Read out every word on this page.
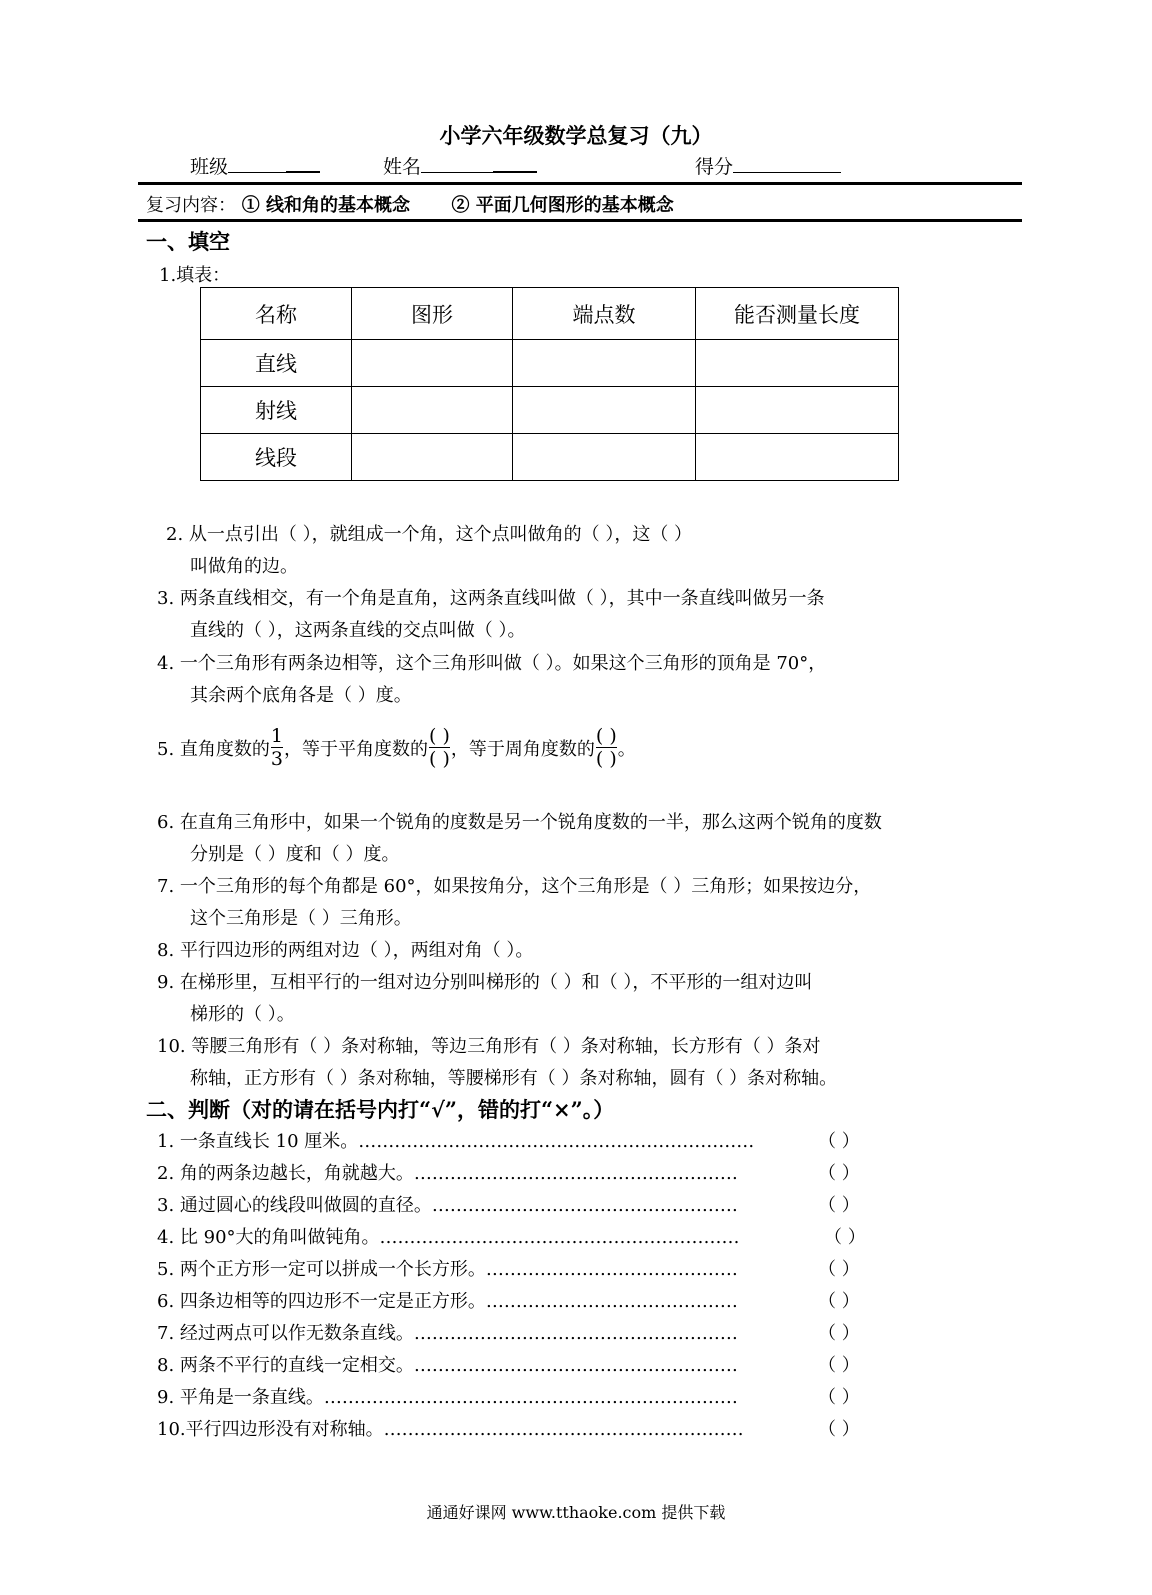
小学六年级数学总复习（九）
班级	姓名	得分
复习内容： ① 线和角的基本概念 ② 平面几何图形的基本概念
一、填空
1.填表：
名称	图形	端点数	能否测量长度
直线			
射线			
线段			
2. 从一点引出（ ），就组成一个角，这个点叫做角的（ ），这（ ）
叫做角的边。
3. 两条直线相交，有一个角是直角，这两条直线叫做（ ），其中一条直线叫做另一条
直线的（ ），这两条直线的交点叫做（ ）。
4. 一个三角形有两条边相等，这个三角形叫做（ ）。如果这个三角形的顶角是 70°，
其余两个底角各是（ ）度。
5. 直角度数的 $\frac{1}{3}$ ，等于平角度数的 $\frac{( )}{( )}$ ，等于周角度数的 $\frac{( )}{( )}$ 。
6. 在直角三角形中，如果一个锐角的度数是另一个锐角度数的一半，那么这两个锐角的度数
分别是（ ）度和（ ）度。
7. 一个三角形的每个角都是 60°，如果按角分，这个三角形是（ ）三角形；如果按边分，
这个三角形是（ ）三角形。
8. 平行四边形的两组对边（ ），两组对角（ ）。
9. 在梯形里，互相平行的一组对边分别叫梯形的（ ）和（ ），不平形的一组对边叫
梯形的（ ）。
10. 等腰三角形有（ ）条对称轴，等边三角形有（ ）条对称轴，长方形有（ ）条对
称轴，正方形有（ ）条对称轴，等腰梯形有（ ）条对称轴，圆有（ ）条对称轴。
二、判断（对的请在括号内打“√”，错的打“×”。）
1. 一条直线长 10 厘米。…………………………………………………………	（ ）
2. 角的两条边越长，角就越大。………………………………………………	（ ）
3. 通过圆心的线段叫做圆的直径。……………………………………………	（ ）
4. 比 90°大的角叫做钝角。……………………………………………………	（ ）
5. 两个正方形一定可以拼成一个长方形。……………………………………	（ ）
6. 四条边相等的四边形不一定是正方形。……………………………………	（ ）
7. 经过两点可以作无数条直线。………………………………………………	（ ）
8. 两条不平行的直线一定相交。………………………………………………	（ ）
9. 平角是一条直线。……………………………………………………………	（ ）
10.平行四边形没有对称轴。……………………………………………………	（ ）
通通好课网 www.tthaoke.com 提供下载
